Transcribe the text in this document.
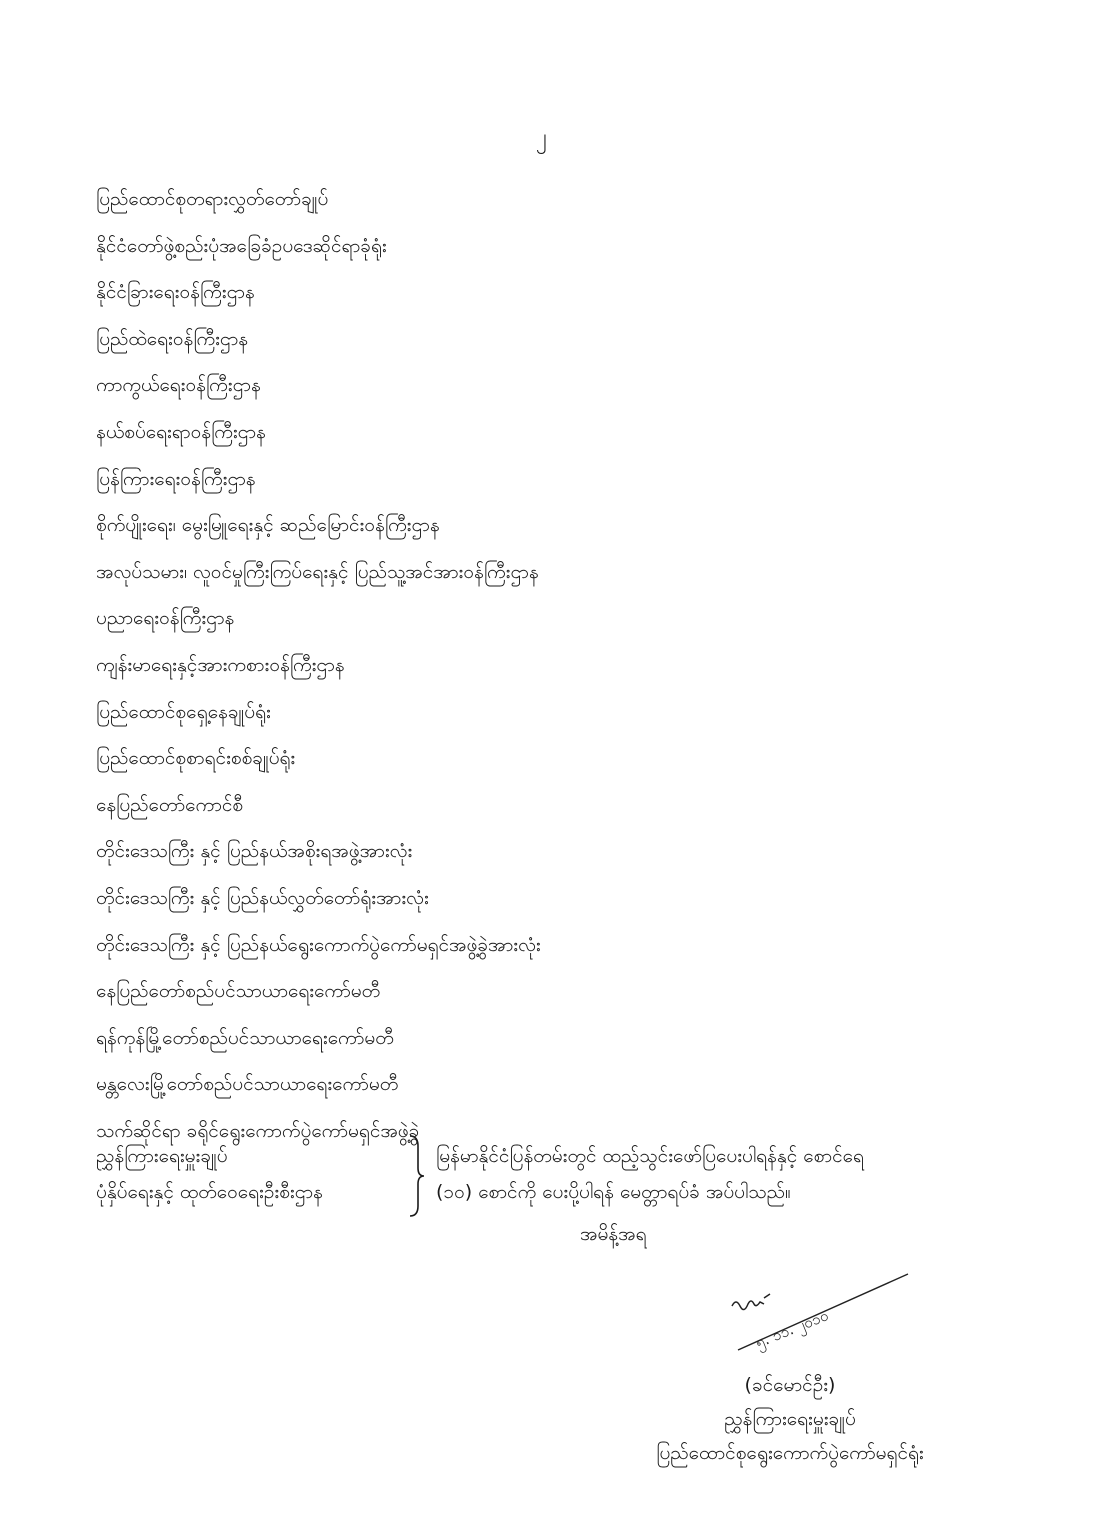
၂
ပြည်ထောင်စုတရားလွှတ်တော်ချုပ်
နိုင်ငံတော်ဖွဲ့စည်းပုံအခြေခံဥပဒေဆိုင်ရာခုံရုံး
နိုင်ငံခြားရေးဝန်ကြီးဌာန
ပြည်ထဲရေးဝန်ကြီးဌာန
ကာကွယ်ရေးဝန်ကြီးဌာန
နယ်စပ်ရေးရာဝန်ကြီးဌာန
ပြန်ကြားရေးဝန်ကြီးဌာန
စိုက်ပျိုးရေး၊ မွေးမြူရေးနှင့် ဆည်မြောင်းဝန်ကြီးဌာန
အလုပ်သမား၊ လူဝင်မှုကြီးကြပ်ရေးနှင့် ပြည်သူ့အင်အားဝန်ကြီးဌာန
ပညာရေးဝန်ကြီးဌာန
ကျန်းမာရေးနှင့်အားကစားဝန်ကြီးဌာန
ပြည်ထောင်စုရှေ့နေချုပ်ရုံး
ပြည်ထောင်စုစာရင်းစစ်ချုပ်ရုံး
နေပြည်တော်ကောင်စီ
တိုင်းဒေသကြီး နှင့် ပြည်နယ်အစိုးရအဖွဲ့အားလုံး
တိုင်းဒေသကြီး နှင့် ပြည်နယ်လွှတ်တော်ရုံးအားလုံး
တိုင်းဒေသကြီး နှင့် ပြည်နယ်ရွေးကောက်ပွဲကော်မရှင်အဖွဲ့ခွဲအားလုံး
နေပြည်တော်စည်ပင်သာယာရေးကော်မတီ
ရန်ကုန်မြို့တော်စည်ပင်သာယာရေးကော်မတီ
မန္တလေးမြို့တော်စည်ပင်သာယာရေးကော်မတီ
သက်ဆိုင်ရာ ခရိုင်ရွေးကောက်ပွဲကော်မရှင်အဖွဲ့ခွဲ
ညွှန်ကြားရေးမှူးချုပ်
ပုံနှိပ်ရေးနှင့် ထုတ်ဝေရေးဦးစီးဌာန
မြန်မာနိုင်ငံပြန်တမ်းတွင် ထည့်သွင်းဖော်ပြပေးပါရန်နှင့် စောင်ရေ
(၁၀) စောင်ကို ပေးပို့ပါရန် မေတ္တာရပ်ခံ အပ်ပါသည်။
အမိန့်အရ
၅. ၁၁. ၂၀၁၀
(ခင်မောင်ဦး)
ညွှန်ကြားရေးမှူးချုပ်
ပြည်ထောင်စုရွေးကောက်ပွဲကော်မရှင်ရုံး
